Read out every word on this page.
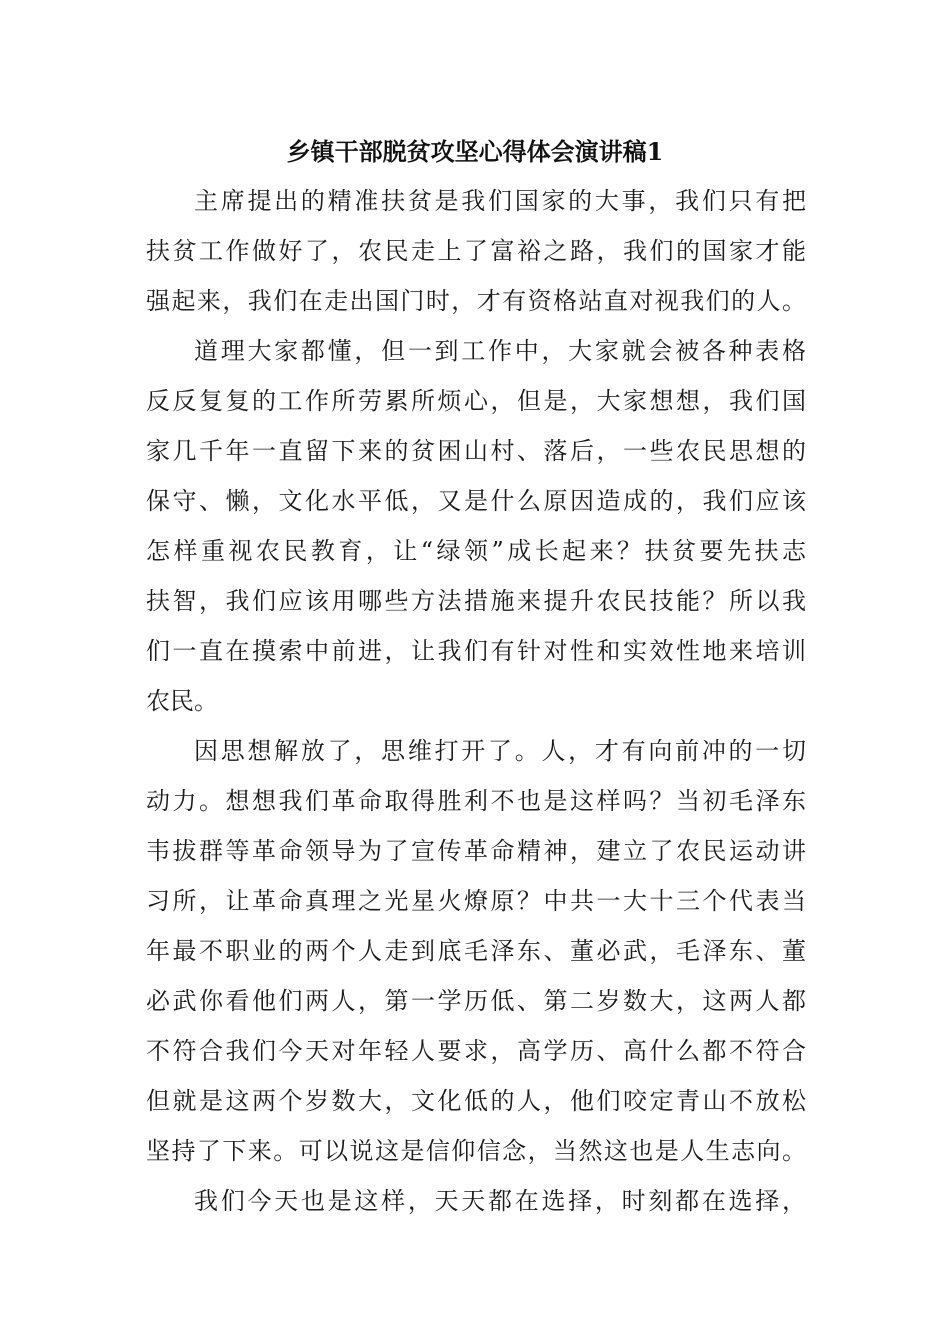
乡镇干部脱贫攻坚心得体会演讲稿1
主席提出的精准扶贫是我们国家的大事，我们只有把
扶贫工作做好了，农民走上了富裕之路，我们的国家才能
强起来，我们在走出国门时，才有资格站直对视我们的人。
道理大家都懂，但一到工作中，大家就会被各种表格
反反复复的工作所劳累所烦心，但是，大家想想，我们国
家几千年一直留下来的贫困山村、落后，一些农民思想的
保守、懒，文化水平低，又是什么原因造成的，我们应该
怎样重视农民教育，让“绿领”成长起来？扶贫要先扶志
扶智，我们应该用哪些方法措施来提升农民技能？所以我
们一直在摸索中前进，让我们有针对性和实效性地来培训
农民。
因思想解放了，思维打开了。人，才有向前冲的一切
动力。想想我们革命取得胜利不也是这样吗？当初毛泽东
韦拔群等革命领导为了宣传革命精神，建立了农民运动讲
习所，让革命真理之光星火燎原？中共一大十三个代表当
年最不职业的两个人走到底毛泽东、董必武，毛泽东、董
必武你看他们两人，第一学历低、第二岁数大，这两人都
不符合我们今天对年轻人要求，高学历、高什么都不符合
但就是这两个岁数大，文化低的人，他们咬定青山不放松
坚持了下来。可以说这是信仰信念，当然这也是人生志向。
我们今天也是这样，天天都在选择，时刻都在选择，
